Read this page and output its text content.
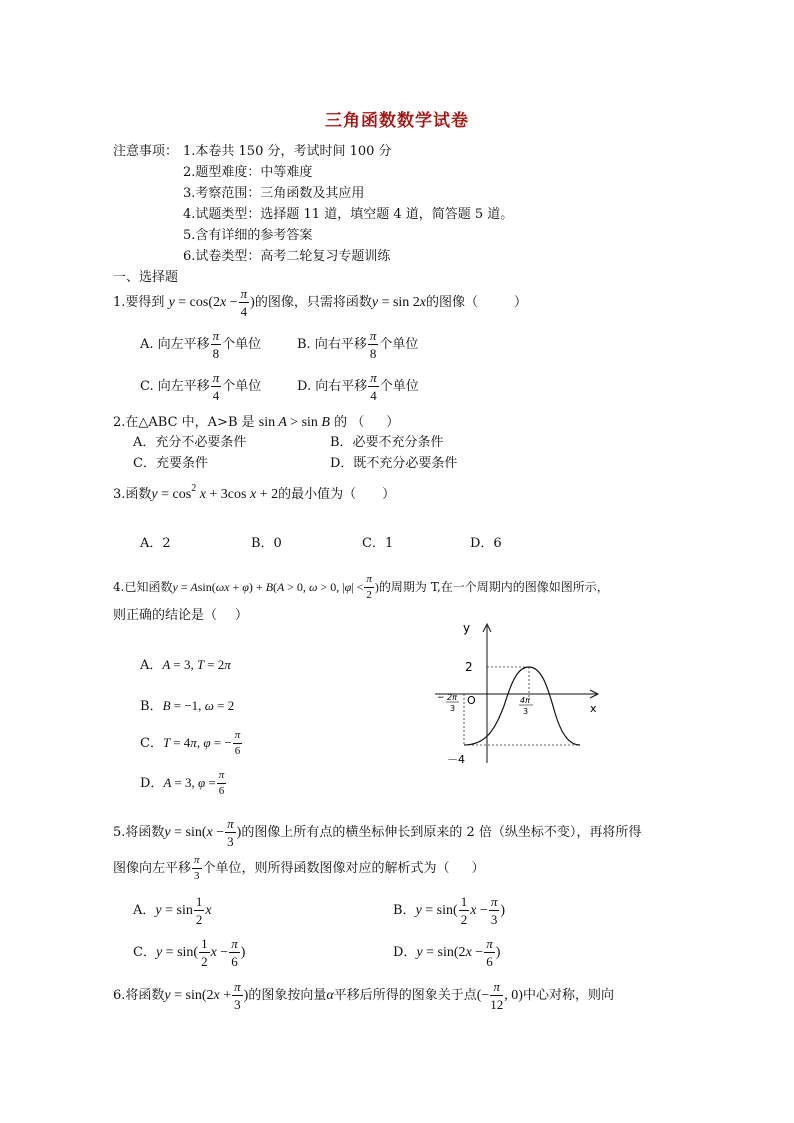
三角函数数学试卷
注意事项： 1.本卷共 150 分，考试时间 100 分
2.题型难度：中等难度
3.考察范围：三角函数及其应用
4.试题类型：选择题 11 道，填空题 4 道，简答题 5 道。
5.含有详细的参考答案
6.试卷类型：高考二轮复习专题训练
一、选择题
1.要得到 $y = \cos(2x - \frac{\pi}{4}$ )的图像，只需将函数y = sin 2x的图像（	）
A. 向左平移 $\frac{\pi}{8}$ 个单位	B. 向右平移 $\frac{\pi}{8}$ 个单位
C. 向左平移 $\frac{\pi}{4}$ 个单位	D. 向右平移 $\frac{\pi}{4}$ 个单位
2.在△ABC 中，A>B 是 sin A > sin B 的 （ ）
A．充分不必要条件	B．必要不充分条件
C．充要条件	D．既不充分必要条件
3.函数$y = \cos^2 x + 3\cos$ x + 2的最小值为（ ）
A．2	B．0	C．1	D．6
4.已知函数y = Asin(ωx + φ) + B(A > 0, ω > 0, $|\varphi| < \frac{\pi}{2}$ )的周期为 T,在一个周期内的图像如图所示，
则正确的结论是（ ）
A．A = 3, T = 2π
B．B = −1, ω = 2
C．T = 4π, φ = − $\frac{\pi}{6}$
D．A = 3, $\varphi = \frac{\pi}{6}$
y
x
O
2
－4
− 2π
3
4π
3
5.将函数$y = \sin(x - \frac{\pi}{3}$ )的图像上所有点的横坐标伸长到原来的 2 倍（纵坐标不变），再将所得
图像向左平移 $\frac{\pi}{3}$ 个单位，则所得函数图像对应的解析式为（ ）
A．$y = \sin \frac{1}{2}$ x	B．$y = \sin( \frac{1}{2}$ $x - \frac{\pi}{3}$ )
C．$y = \sin( \frac{1}{2}$ $x - \frac{\pi}{6}$ )	D．$y = \sin(2x - \frac{\pi}{6}$ )
6.将函数$y = \sin(2x + \frac{\pi}{3}$ )的图象按向量α平移后所得的图象关于点(− $\frac{\pi}{12}$ , 0)中心对称，则向
